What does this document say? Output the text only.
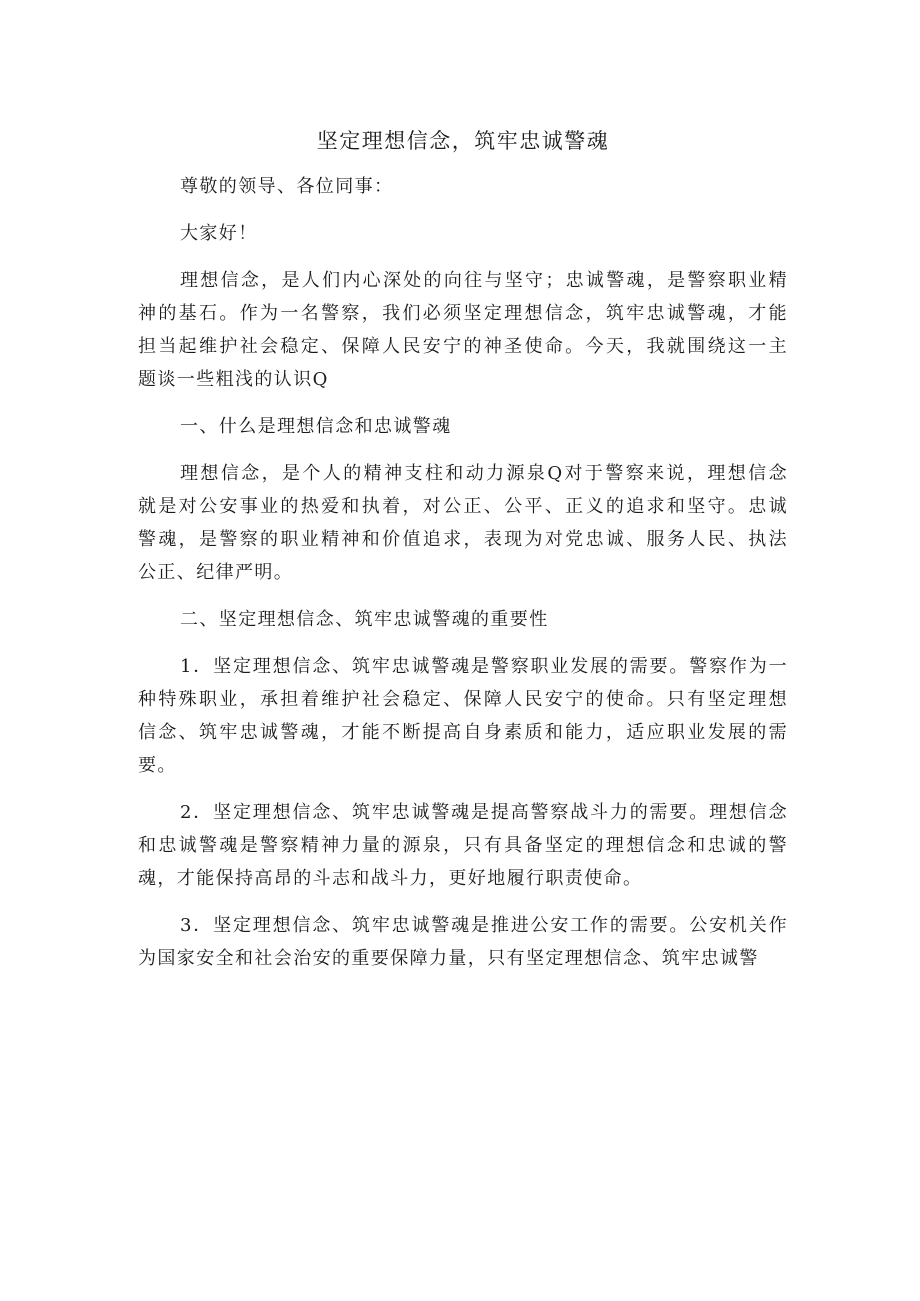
坚定理想信念，筑牢忠诚警魂
尊敬的领导、各位同事：
大家好！
理想信念，是人们内心深处的向往与坚守；忠诚警魂，是警察职业精
神的基石。作为一名警察，我们必须坚定理想信念，筑牢忠诚警魂，才能
担当起维护社会稳定、保障人民安宁的神圣使命。今天，我就围绕这一主
题谈一些粗浅的认识Q
一、什么是理想信念和忠诚警魂
理想信念，是个人的精神支柱和动力源泉Q对于警察来说，理想信念
就是对公安事业的热爱和执着，对公正、公平、正义的追求和坚守。忠诚
警魂，是警察的职业精神和价值追求，表现为对党忠诚、服务人民、执法
公正、纪律严明。
二、坚定理想信念、筑牢忠诚警魂的重要性
1．坚定理想信念、筑牢忠诚警魂是警察职业发展的需要。警察作为一
种特殊职业，承担着维护社会稳定、保障人民安宁的使命。只有坚定理想
信念、筑牢忠诚警魂，才能不断提高自身素质和能力，适应职业发展的需
要。
2．坚定理想信念、筑牢忠诚警魂是提高警察战斗力的需要。理想信念
和忠诚警魂是警察精神力量的源泉，只有具备坚定的理想信念和忠诚的警
魂，才能保持高昂的斗志和战斗力，更好地履行职责使命。
3．坚定理想信念、筑牢忠诚警魂是推进公安工作的需要。公安机关作
为国家安全和社会治安的重要保障力量，只有坚定理想信念、筑牢忠诚警
